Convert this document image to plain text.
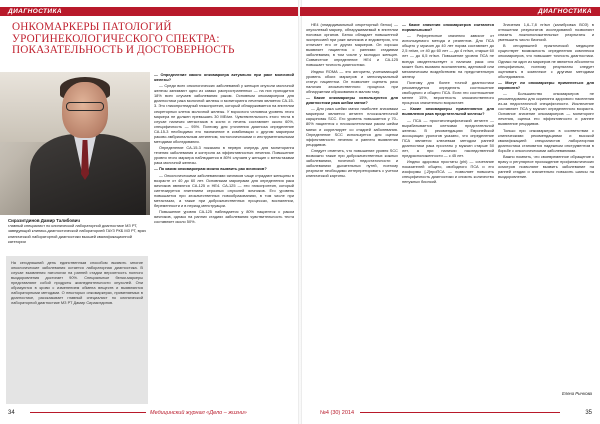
ДИАГНОСТИКА
ОНКОМАРКЕРЫ ПАТОЛОГИЙ УРОГИНЕКОЛОГИЧЕСКОГО СПЕКТРА: ПОКАЗАТЕЛЬНОСТЬ И ДОСТОВЕРНОСТЬ
Сиразитдинов Дамир Талибович
главный специалист по клинической лабораторной диагностике МЗ РТ, заведующий клинико-диагностической лабораторией ГАУЗ РКБ МЗ РТ, врач клинической лабораторной диагностики высшей квалификационной категории
На сегодняшний день единственным способом выявить многие онкологические заболевания остается лабораторная диагностика. В случае выявления патологии на ранней стадии вероятность полного выздоровления достигает 90%. Специальные белки-маркеры представляют собой продукты жизнедеятельности опухолей. Они образуются в крови с изменением обмена веществ и выявляются лабораторными методами. О некоторых онкомаркерах, применяемых в диагностике, рассказывает главный специалист по клинической лабораторной диагностике МЗ РТ Дамир Сиразитдинов.

— Определение какого онкомаркера актуально при раке молочной железы?

— Среди всех онкологических заболеваний у женщин опухоли молочной железы занимают одно из самых распространенных — на них приходится 18% всех случаев заболевания раком. Основным онкомаркером для диагностики рака молочной железы и мониторинга лечения является СА-15-3. Это гликопротеидный гликопротеин, который обнаруживается на эпителии секреторных клеток молочной железы. У взрослого человека уровень этого маркера не должен превышать 30 МЕ/мл. Чувствительность этого теста в случае наличия метастазов в кости и печень составляет около 60%, специфичность — 95%. Поэтому для уточнения диагноза определение СА-15-3 необходимо его назначение в комбинации с другим маркером раково-эмбриональным антигеном, гистологическими и инструментальными методами обследования.

Определение СА-15-3 показано в первую очередь для мониторинга течения заболевания и контроля за эффективностью лечения. Повышение уровня этого маркера наблюдается в 80% случаев у женщин с метастазами рака молочной железы.

— По каким онкомаркерам можно выявить рак яичников?

— Онкологическими заболеваниями яичников чаще страдают женщины в возрасте от 40 до 60 лет. Основными маркерами для определения рака яичников являются СА-125 и НЕ4. СА-125 — это гликопротеин, который синтезируется эпителием серозных опухолей яичников. Его уровень повышается при злокачественных новообразованиях, в том числе при метастазах, а также при доброкачественных процессах, воспалении, беременности и в период менструации.

Повышение уровня СА-125 наблюдается у 80% пациенток с раком яичников, однако на ранних стадиях заболевания чувствительность теста составляет около 50%.

34	Медицинский журнал «Дело – жизни»
ДИАГНОСТИКА

НЕ4 (эпидидимальный секреторный белок) — опухолевый маркер, обнаруживаемый в эпителии половых органов. Белок обладает повышенной экспрессией при раке яичников и эндометрия, что отличает его от других маркеров. Он хорошо выявляет пациенток с ранними стадиями заболевания, в том числе у молодых женщин. Совместное определение НЕ4 и СА-125 повышает точность диагностики.

Индекс ROMA — это алгоритм, учитывающий уровень обоих маркеров и менопаузальный статус пациентки. Он позволяет оценить риск наличия злокачественного процесса при обнаружении образования в малом тазу.

— Какие онкомаркеры используются для диагностики рака шейки матки?

— Для рака шейки матки наиболее значимым маркером является антиген плоскоклеточной карциномы SCC. Его уровень повышается у 70–80% пациенток с плоскоклеточным раком шейки матки и коррелирует со стадией заболевания. Определение SCC используется для оценки эффективности лечения и раннего выявления рецидивов.

Следует отметить, что повышение уровня SCC возможно также при доброкачественных кожных заболеваниях, почечной недостаточности и заболеваниях дыхательных путей, поэтому результат необходимо интерпретировать с учетом клинической картины.

— Какие значения онкомаркеров считаются нормальными?

— Референсные значения зависят от используемого метода и реагентов. Для ПСА общего у мужчин до 40 лет норма составляет до 2,5 нг/мл, от 40 до 60 лет — до 4 нг/мл, старше 60 лет — до 6,5 нг/мл. Повышение уровня ПСА не всегда свидетельствует о наличии рака: оно может быть вызвано воспалением, аденомой или механическим воздействием на предстательную железу.

Поэтому для более точной диагностики рекомендуется определять соотношение свободного и общего ПСА. Если это соотношение менее 15%, вероятность злокачественного процесса значительно возрастает.

— Какие онкомаркеры применяются для выявления рака предстательной железы?

— ПСА — простатспецифический антиген — вырабатывается клетками предстательной железы. В рекомендациях Европейской ассоциации урологов указано, что определение ПСА является ключевым методом ранней диагностики рака простаты у мужчин старше 50 лет, а при наличии наследственной предрасположенности — с 45 лет.

Индекс здоровья простаты (phi) — сочетание показателей общего, свободного ПСА и его изоформы [-2]проПСА — позволяет повысить специфичность диагностики и снизить количество ненужных биопсий.

Значения 1,6–7,8 нг/мл (калибровка ВОЗ) в отношении результатов исследований позволяют снизить ложноположительные результаты и уменьшить число биопсий.

В сегодняшней практической медицине существует возможность определения комплекса онкомаркеров, что повышает точность диагностики. Однако ни один из маркеров не является абсолютно специфичным, поэтому результаты следует оценивать в комплексе с другими методами обследования.

— Могут ли онкомаркеры применяться для скрининга?

— Большинство онкомаркеров не рекомендованы для скрининга здорового населения из-за недостаточной специфичности. Исключение составляет ПСА у мужчин определенного возраста. Основное значение онкомаркеров — мониторинг лечения, оценка его эффективности и раннее выявление рецидивов.

Только при онкомаркерах в соответствии с клиническими рекомендациями и высокой квалификацией специалистов лабораторная диагностика становится надежным инструментом в борьбе с онкологическими заболеваниями.

Важно помнить, что своевременное обращение к врачу и регулярное прохождение профилактических осмотров позволяют выявить заболевание на ранней стадии и значительно повысить шансы на выздоровление.

Елена Рычкова
№4 (30) 2014	35
